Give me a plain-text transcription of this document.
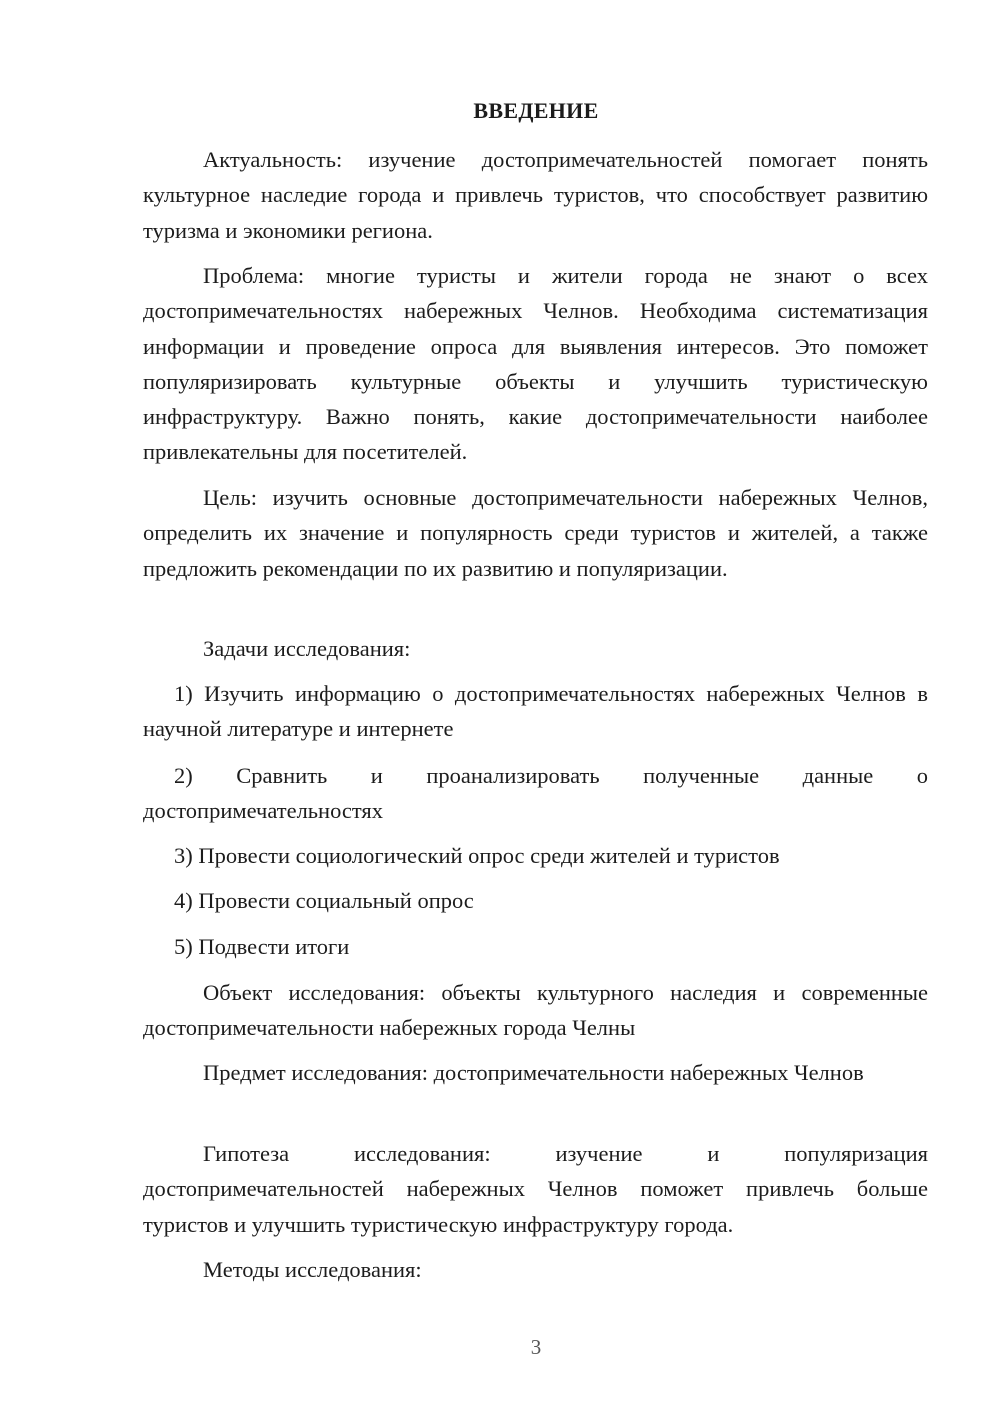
ВВЕДЕНИЕ

Актуальность: изучение достопримечательностей помогает понять культурное наследие города и привлечь туристов, что способствует развитию туризма и экономики региона.

Проблема: многие туристы и жители города не знают о всех достопримечательностях набережных Челнов. Необходима систематизация информации и проведение опроса для выявления интересов. Это поможет популяризировать культурные объекты и улучшить туристическую инфраструктуру. Важно понять, какие достопримечательности наиболее привлекательны для посетителей.

Цель: изучить основные достопримечательности набережных Челнов, определить их значение и популярность среди туристов и жителей, а также предложить рекомендации по их развитию и популяризации.

Задачи исследования:

1) Изучить информацию о достопримечательностях набережных Челнов в научной литературе и интернете

2) Сравнить и проанализировать полученные данные о достопримечательностях

3) Провести социологический опрос среди жителей и туристов

4) Провести социальный опрос

5) Подвести итоги

Объект исследования: объекты культурного наследия и современные достопримечательности набережных города Челны

Предмет исследования: достопримечательности набережных Челнов

Гипотеза исследования: изучение и популяризация достопримечательностей набережных Челнов поможет привлечь больше туристов и улучшить туристическую инфраструктуру города.

Методы исследования:

3
